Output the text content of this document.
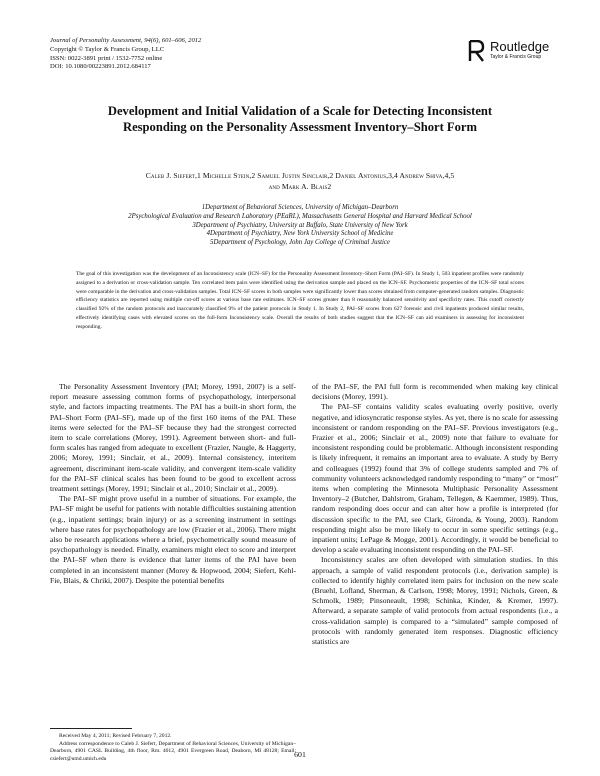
Journal of Personality Assessment, 94(6), 601–606, 2012
Copyright © Taylor & Francis Group, LLC
ISSN: 0022-3891 print / 1532-7752 online
DOI: 10.1080/00223891.2012.684117
Routledge
Taylor & Francis Group
Development and Initial Validation of a Scale for Detecting Inconsistent Responding on the Personality Assessment Inventory–Short Form
Caleb J. Siefert,1 Michelle Stein,2 Samuel Justin Sinclair,2 Daniel Antonius,3,4 Andrew Shiva,4,5
and Mark A. Blais2
1Department of Behavioral Sciences, University of Michigan–Dearborn
2Psychological Evaluation and Research Laboratory (PEaRL), Massachusetts General Hospital and Harvard Medical School
3Department of Psychiatry, University at Buffalo, State University of New York
4Department of Psychiatry, New York University School of Medicine
5Department of Psychology, John Jay College of Criminal Justice
The goal of this investigation was the development of an Inconsistency scale (ICN–SF) for the Personality Assessment Inventory–Short Form (PAI–SF). In Study 1, 503 inpatient profiles were randomly assigned to a derivation or cross-validation sample. Ten correlated item pairs were identified using the derivation sample and placed on the ICN–SF. Psychometric properties of the ICN–SF total scores were comparable in the derivation and cross-validation samples. Total ICN–SF scores in both samples were significantly lower than scores obtained from computer-generated random samples. Diagnostic efficiency statistics are reported using multiple cut-off scores at various base rate estimates. ICN–SF scores greater than 8 reasonably balanced sensitivity and specificity rates. This cutoff correctly classified 92% of the random protocols and inaccurately classified 9% of the patient protocols in Study 1. In Study 2, PAI–SF scores from 627 forensic and civil inpatients produced similar results, effectively identifying cases with elevated scores on the full-form Inconsistency scale. Overall the results of both studies suggest that the ICN–SF can aid examiners in assessing for inconsistent responding.

The Personality Assessment Inventory (PAI; Morey, 1991, 2007) is a self-report measure assessing common forms of psychopathology, interpersonal style, and factors impacting treatments. The PAI has a built-in short form, the PAI–Short Form (PAI–SF), made up of the first 160 items of the PAI. These items were selected for the PAI–SF because they had the strongest corrected item to scale correlations (Morey, 1991). Agreement between short- and full-form scales has ranged from adequate to excellent (Frazier, Naugle, & Haggerty, 2006; Morey, 1991; Sinclair, et al., 2009). Internal consistency, interitem agreement, discriminant item-scale validity, and convergent item-scale validity for the PAI–SF clinical scales has been found to be good to excellent across treatment settings (Morey, 1991; Sinclair et al., 2010; Sinclair et al., 2009).

The PAI–SF might prove useful in a number of situations. For example, the PAI–SF might be useful for patients with notable difficulties sustaining attention (e.g., inpatient settings; brain injury) or as a screening instrument in settings where base rates for psychopathology are low (Frazier et al., 2006). There might also be research applications where a brief, psychometrically sound measure of psychopathology is needed. Finally, examiners might elect to score and interpret the PAI–SF when there is evidence that latter items of the PAI have been completed in an inconsistent manner (Morey & Hopwood, 2004; Siefert, Kehl-Fie, Blais, & Chriki, 2007). Despite the potential benefits

of the PAI–SF, the PAI full form is recommended when making key clinical decisions (Morey, 1991).

The PAI–SF contains validity scales evaluating overly positive, overly negative, and idiosyncratic response styles. As yet, there is no scale for assessing inconsistent or random responding on the PAI–SF. Previous investigators (e.g., Frazier et al., 2006; Sinclair et al., 2009) note that failure to evaluate for inconsistent responding could be problematic. Although inconsistent responding is likely infrequent, it remains an important area to evaluate. A study by Berry and colleagues (1992) found that 3% of college students sampled and 7% of community volunteers acknowledged randomly responding to “many” or “most” items when completing the Minnesota Multiphasic Personality Assessment Inventory–2 (Butcher, Dahlstrom, Graham, Tellegen, & Kaemmer, 1989). Thus, random responding does occur and can alter how a profile is interpreted (for discussion specific to the PAI, see Clark, Gironda, & Young, 2003). Random responding might also be more likely to occur in some specific settings (e.g., inpatient units; LePage & Mogge, 2001). Accordingly, it would be beneficial to develop a scale evaluating inconsistent responding on the PAI–SF.

Inconsistency scales are often developed with simulation studies. In this approach, a sample of valid respondent protocols (i.e., derivation sample) is collected to identify highly correlated item pairs for inclusion on the new scale (Bruehl, Lofland, Sherman, & Carlson, 1998; Morey, 1991; Nichols, Green, & Schmolk, 1989; Pinsoneault, 1998; Schinka, Kinder, & Kremer, 1997). Afterward, a separate sample of valid protocols from actual respondents (i.e., a cross-validation sample) is compared to a “simulated” sample composed of protocols with randomly generated item responses. Diagnostic efficiency statistics are

Received May 4, 2011; Revised February 7, 2012.

Address correspondence to Caleb J. Siefert, Department of Behavioral Sciences, University of Michigan–Dearborn, 4901 CASL Building, 4th floor, Rm. 4012, 4901 Evergreen Road, Deaborn, MI 48128; Email: csiefert@umd.umich.edu	601
